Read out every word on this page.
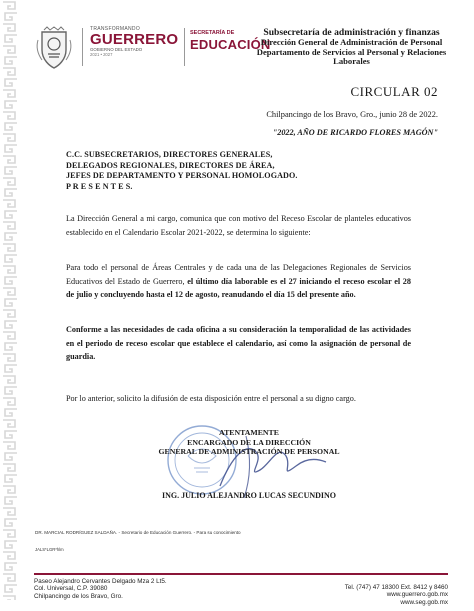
TRANSFORMANDO
GUERRERO
GOBIERNO DEL ESTADO
2021 • 2027
SECRETARÍA DE
EDUCACIÓN
Subsecretaría de administración y finanzas
Dirección General de Administración de Personal
Departamento de Servicios al Personal y Relaciones
Laborales
CIRCULAR 02
Chilpancingo de los Bravo, Gro., junio 28 de 2022.
"2022, AÑO DE RICARDO FLORES MAGÓN"
C.C. SUBSECRETARIOS, DIRECTORES GENERALES,
DELEGADOS REGIONALES, DIRECTORES DE ÁREA,
JEFES DE DEPARTAMENTO Y PERSONAL HOMOLOGADO.
P R E S E N T E S.
La Dirección General a mi cargo, comunica que con motivo del Receso Escolar de planteles educativos establecido en el Calendario Escolar 2021-2022, se determina lo siguiente:
Para todo el personal de Áreas Centrales y de cada una de las Delegaciones Regionales de Servicios Educativos del Estado de Guerrero, el último día laborable es el 27 iniciando el receso escolar el 28 de julio y concluyendo hasta el 12 de agosto, reanudando el día 15 del presente año.
Conforme a las necesidades de cada oficina a su consideración la temporalidad de las actividades en el periodo de receso escolar que establece el calendario, así como la asignación de personal de guardia.
Por lo anterior, solicito la difusión de esta disposición entre el personal a su digno cargo.
ATENTAMENTE
ENCARGADO DE LA DIRECCIÓN
GENERAL DE ADMINISTRACIÓN DE PERSONAL
ING. JULIO ALEJANDRO LUCAS SECUNDINO
DR. MARCIAL RODRÍGUEZ SALDAÑA. - Secretario de Educación Guerrero. - Para su conocimiento
JALS*LGR*hlm
Paseo Alejandro Cervantes Delgado Mza 2 Lt5.
Col. Universal, C.P. 39080
Chilpancingo de los Bravo, Gro.
Tel. (747) 47 18300 Ext. 8412 y 8460
www.guerrero.gob.mx
www.seg.gob.mx
